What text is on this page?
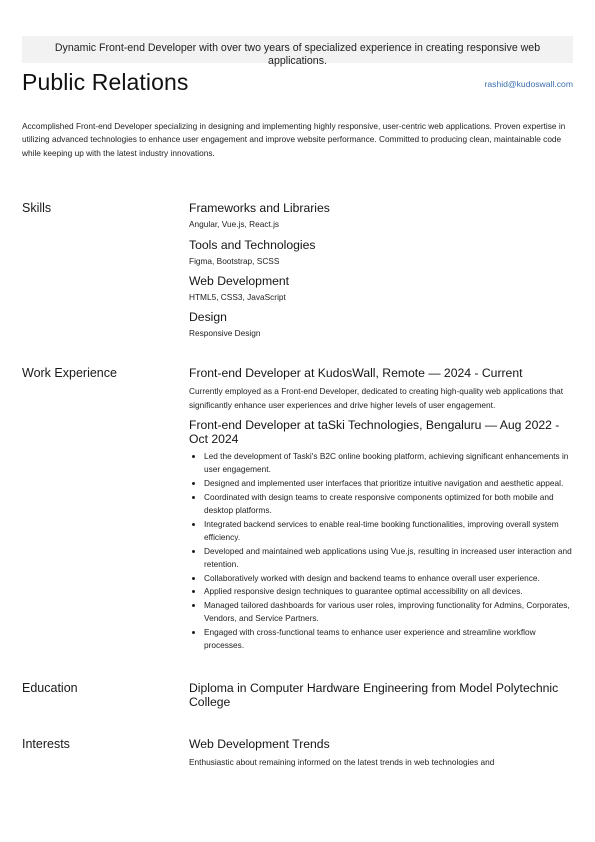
Dynamic Front-end Developer with over two years of specialized experience in creating responsive web applications.
Public Relations	rashid@kudoswall.com
Accomplished Front-end Developer specializing in designing and implementing highly responsive, user-centric web applications. Proven expertise in utilizing advanced technologies to enhance user engagement and improve website performance. Committed to producing clean, maintainable code while keeping up with the latest industry innovations.
Skills	Frameworks and Libraries
Angular, Vue.js, React.js
Tools and Technologies
Figma, Bootstrap, SCSS
Web Development
HTML5, CSS3, JavaScript
Design
Responsive Design
Work Experience	Front-end Developer at KudosWall, Remote — 2024 - Current
Currently employed as a Front-end Developer, dedicated to creating high-quality web applications that significantly enhance user experiences and drive higher levels of user engagement.
Front-end Developer at taSki Technologies, Bengaluru — Aug 2022 - Oct 2024
• Led the development of Taski's B2C online booking platform, achieving significant enhancements in user engagement.
• Designed and implemented user interfaces that prioritize intuitive navigation and aesthetic appeal.
• Coordinated with design teams to create responsive components optimized for both mobile and desktop platforms.
• Integrated backend services to enable real-time booking functionalities, improving overall system efficiency.
• Developed and maintained web applications using Vue.js, resulting in increased user interaction and retention.
• Collaboratively worked with design and backend teams to enhance overall user experience.
• Applied responsive design techniques to guarantee optimal accessibility on all devices.
• Managed tailored dashboards for various user roles, improving functionality for Admins, Corporates, Vendors, and Service Partners.
• Engaged with cross-functional teams to enhance user experience and streamline workflow processes.
Education	Diploma in Computer Hardware Engineering from Model Polytechnic College
Interests	Web Development Trends
Enthusiastic about remaining informed on the latest trends in web technologies and
